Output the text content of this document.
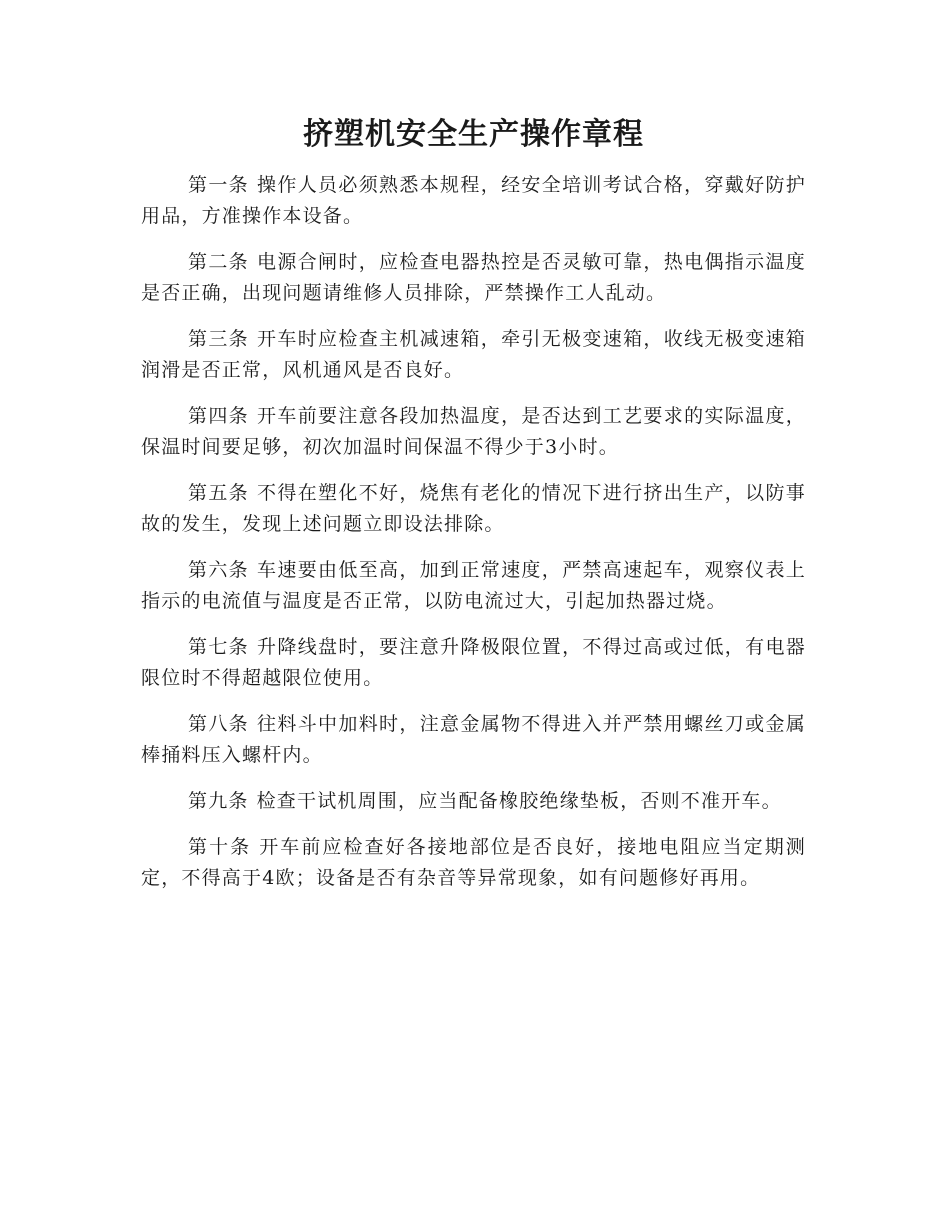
挤塑机安全生产操作章程

第一条 操作人员必须熟悉本规程，经安全培训考试合格，穿戴好防护用品，方准操作本设备。

第二条 电源合闸时，应检查电器热控是否灵敏可靠，热电偶指示温度是否正确，出现问题请维修人员排除，严禁操作工人乱动。

第三条 开车时应检查主机减速箱，牵引无极变速箱，收线无极变速箱润滑是否正常，风机通风是否良好。

第四条 开车前要注意各段加热温度，是否达到工艺要求的实际温度，保温时间要足够，初次加温时间保温不得少于3小时。

第五条 不得在塑化不好，烧焦有老化的情况下进行挤出生产，以防事故的发生，发现上述问题立即设法排除。

第六条 车速要由低至高，加到正常速度，严禁高速起车，观察仪表上指示的电流值与温度是否正常，以防电流过大，引起加热器过烧。

第七条 升降线盘时，要注意升降极限位置，不得过高或过低，有电器限位时不得超越限位使用。

第八条 往料斗中加料时，注意金属物不得进入并严禁用螺丝刀或金属棒捅料压入螺杆内。

第九条 检查干试机周围，应当配备橡胶绝缘垫板，否则不准开车。

第十条 开车前应检查好各接地部位是否良好，接地电阻应当定期测定，不得高于4欧；设备是否有杂音等异常现象，如有问题修好再用。
